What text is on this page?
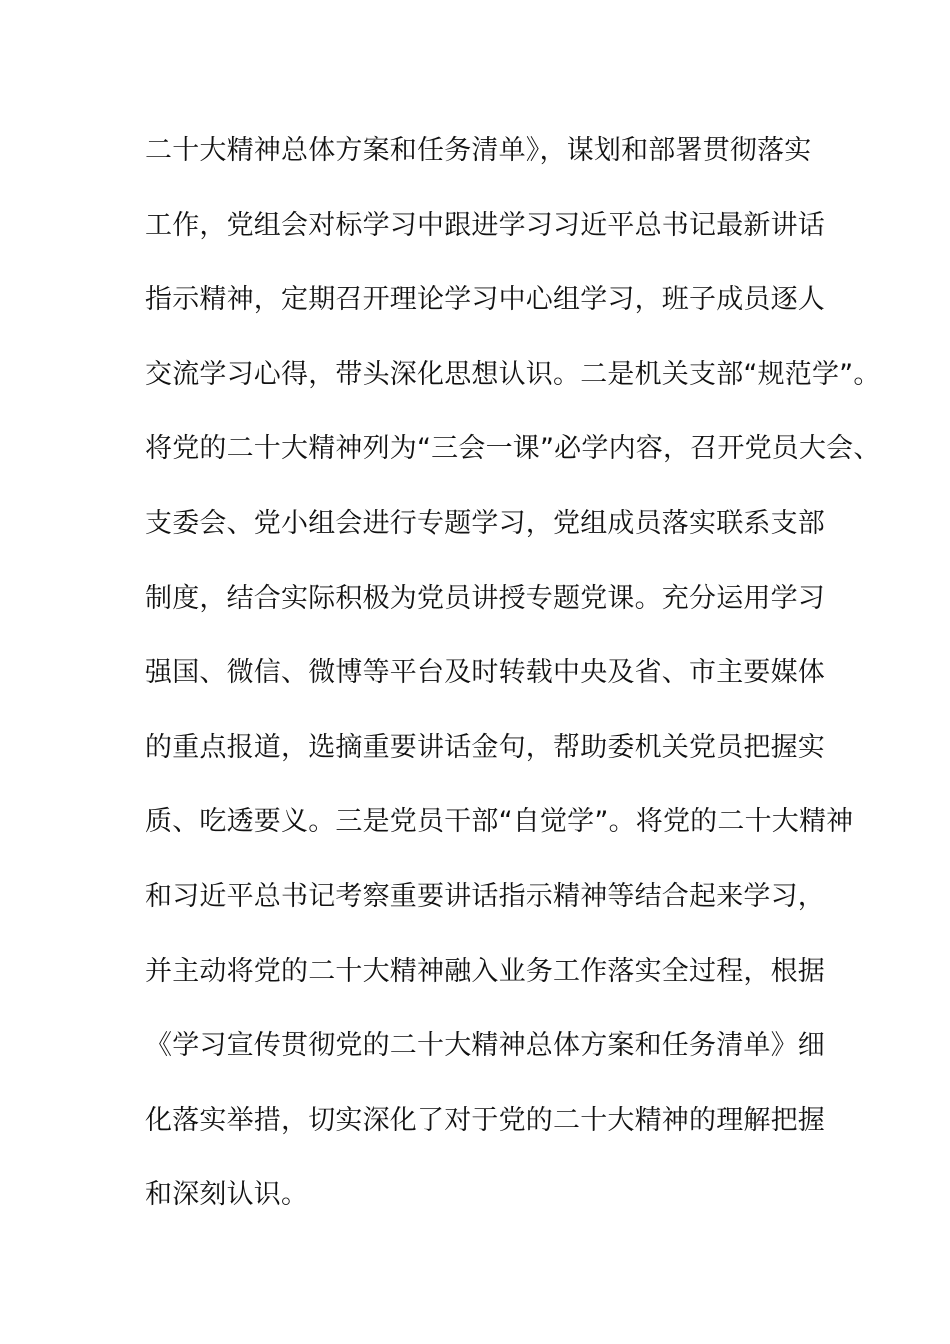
二十大精神总体方案和任务清单》，谋划和部署贯彻落实
工作，党组会对标学习中跟进学习习近平总书记最新讲话
指示精神，定期召开理论学习中心组学习，班子成员逐人
交流学习心得，带头深化思想认识。二是机关支部“规范学”。
将党的二十大精神列为“三会一课”必学内容，召开党员大会、
支委会、党小组会进行专题学习，党组成员落实联系支部
制度，结合实际积极为党员讲授专题党课。充分运用学习
强国、微信、微博等平台及时转载中央及省、市主要媒体
的重点报道，选摘重要讲话金句，帮助委机关党员把握实
质、吃透要义。三是党员干部“自觉学”。将党的二十大精神
和习近平总书记考察重要讲话指示精神等结合起来学习，
并主动将党的二十大精神融入业务工作落实全过程，根据
《学习宣传贯彻党的二十大精神总体方案和任务清单》细
化落实举措，切实深化了对于党的二十大精神的理解把握
和深刻认识。
